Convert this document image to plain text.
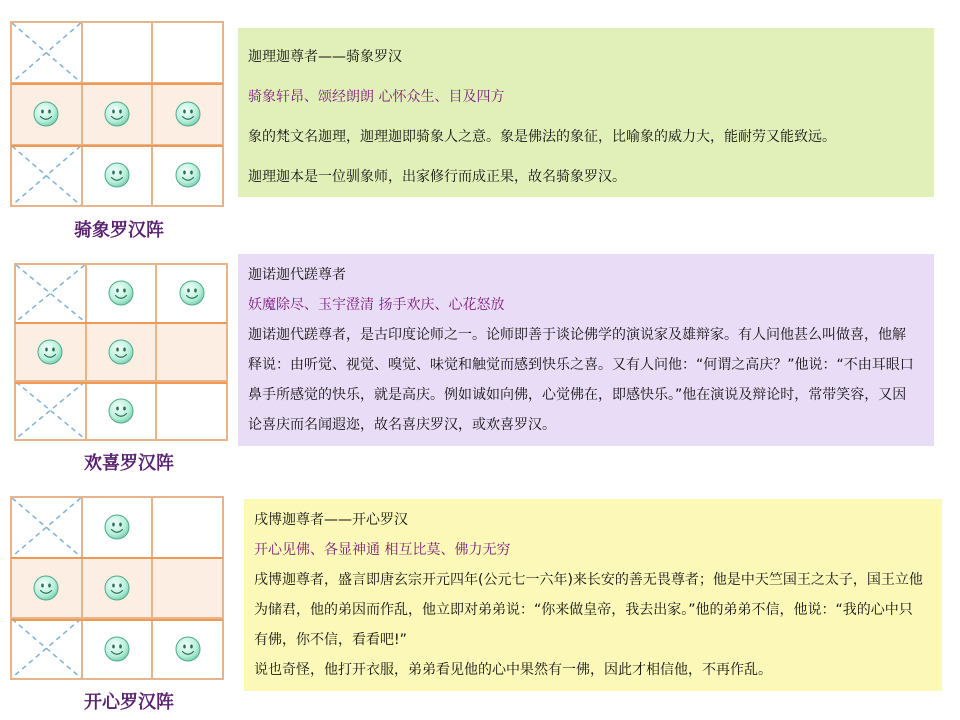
骑象罗汉阵
迦理迦尊者——骑象罗汉
骑象轩昂、颂经朗朗 心怀众生、目及四方
象的梵文名迦理，迦理迦即骑象人之意。象是佛法的象征，比喻象的威力大，能耐劳又能致远。
迦理迦本是一位驯象师，出家修行而成正果，故名骑象罗汉。
欢喜罗汉阵
迦诺迦代蹉尊者
妖魔除尽、玉宇澄清 扬手欢庆、心花怒放
迦诺迦代蹉尊者，是古印度论师之一。论师即善于谈论佛学的演说家及雄辩家。有人问他甚么叫做喜，他解释说：由听觉、视觉、嗅觉、味觉和触觉而感到快乐之喜。又有人问他：“何谓之高庆？”他说：“不由耳眼口鼻手所感觉的快乐，就是高庆。例如诚如向佛，心觉佛在，即感快乐。”他在演说及辩论时，常带笑容，又因论喜庆而名闻遐迩，故名喜庆罗汉，或欢喜罗汉。
开心罗汉阵
戌博迦尊者——开心罗汉
开心见佛、各显神通 相互比莫、佛力无穷
戌博迦尊者，盛言即唐玄宗开元四年(公元七一六年)来长安的善无畏尊者；他是中天竺国王之太子，国王立他为储君，他的弟因而作乱，他立即对弟弟说：“你来做皇帝，我去出家。”他的弟弟不信，他说：“我的心中只有佛，你不信，看看吧!”
说也奇怪，他打开衣服，弟弟看见他的心中果然有一佛，因此才相信他，不再作乱。
